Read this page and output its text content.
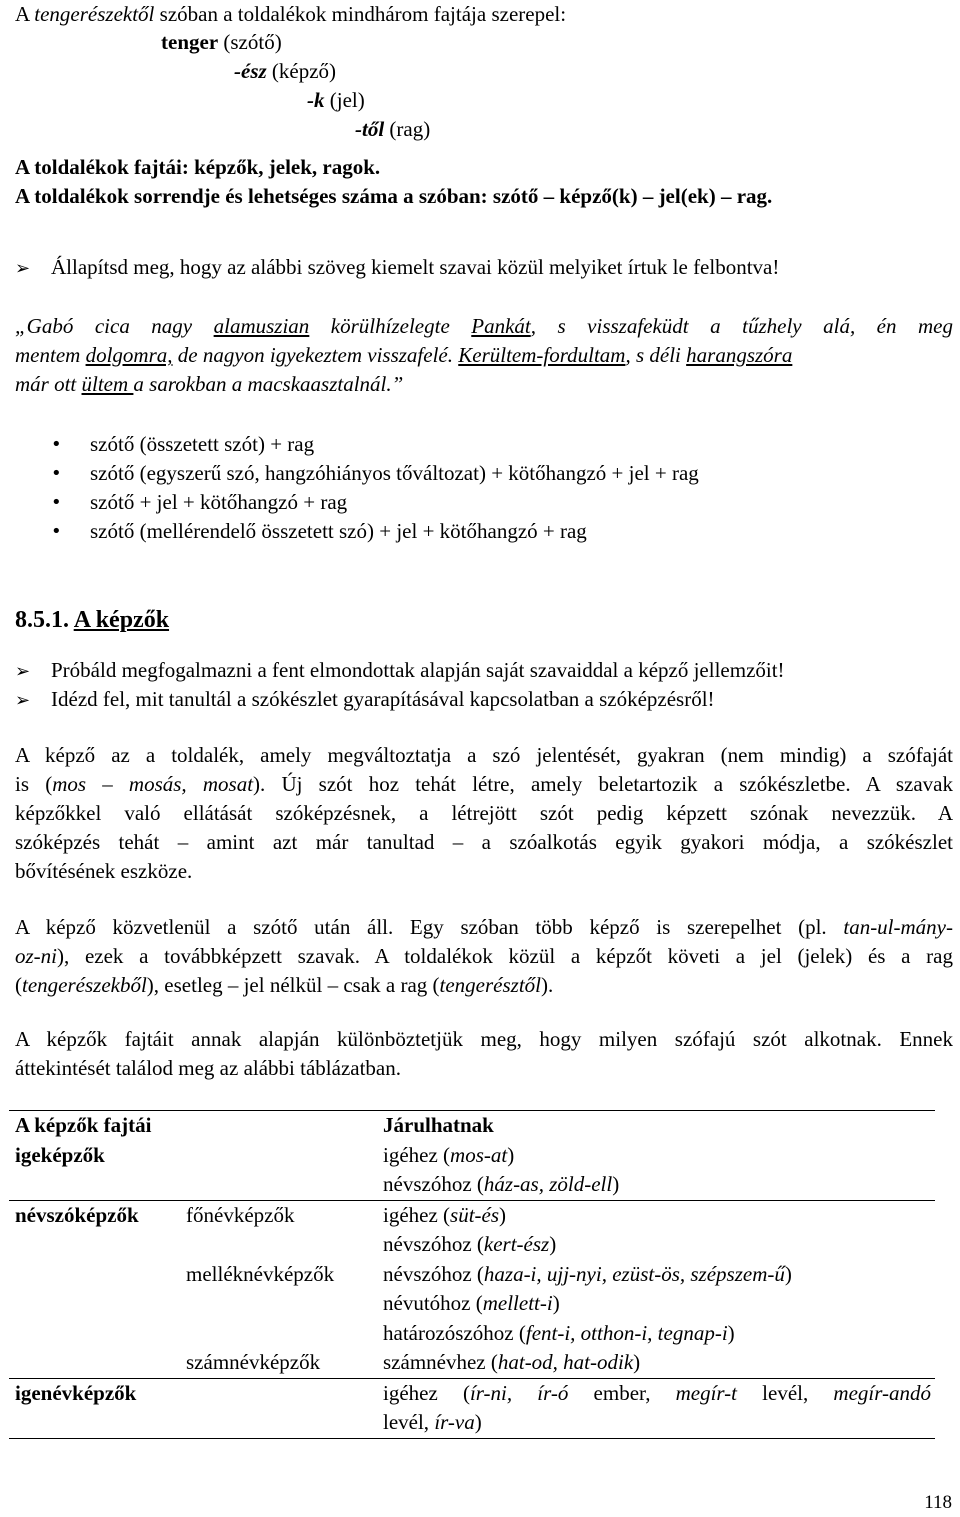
A tengerészektől szóban a toldalékok mindhárom fajtája szerepel:
tenger (szótő)
-ész (képző)
-k (jel)
-től (rag)
A toldalékok fajtái: képzők, jelek, ragok.
A toldalékok sorrendje és lehetséges száma a szóban: szótő – képző(k) – jel(ek) – rag.
➢ Állapítsd meg, hogy az alábbi szöveg kiemelt szavai közül melyiket írtuk le felbontva!
„Gabó cica nagy alamuszian körülhízelegte Pankát, s visszafeküdt a tűzhely alá, én meg
mentem dolgomra, de nagyon igyekeztem visszafelé. Kerültem-fordultam, s déli harangszóra
már ott ültem a sarokban a macskaasztalnál.”
• szótő (összetett szót) + rag
• szótő (egyszerű szó, hangzóhiányos tőváltozat) + kötőhangzó + jel + rag
• szótő + jel + kötőhangzó + rag
• szótő (mellérendelő összetett szó) + jel + kötőhangzó + rag
8.5.1. A képzők
➢ Próbáld megfogalmazni a fent elmondottak alapján saját szavaiddal a képző jellemzőit!
➢ Idézd fel, mit tanultál a szókészlet gyarapításával kapcsolatban a szóképzésről!
A képző az a toldalék, amely megváltoztatja a szó jelentését, gyakran (nem mindig) a szófaját
is (mos – mosás, mosat). Új szót hoz tehát létre, amely beletartozik a szókészletbe. A szavak
képzőkkel való ellátását szóképzésnek, a létrejött szót pedig képzett szónak nevezzük. A
szóképzés tehát – amint azt már tanultad – a szóalkotás egyik gyakori módja, a szókészlet
bővítésének eszköze.
A képző közvetlenül a szótő után áll. Egy szóban több képző is szerepelhet (pl. tan-ul-mány-
oz-ni), ezek a továbbképzett szavak. A toldalékok közül a képzőt követi a jel (jelek) és a rag
(tengerészekből), esetleg – jel nélkül – csak a rag (tengerésztől).
A képzők fajtáit annak alapján különböztetjük meg, hogy milyen szófajú szót alkotnak. Ennek
áttekintését találod meg az alábbi táblázatban.
A képzők fajtái		Járulhatnak
igeképzők		igéhez (mos-at)
		névszóhoz (ház-as, zöld-ell)
névszóképzők	főnévképzők	igéhez (süt-és)
		névszóhoz (kert-ész)
	melléknévképzők	névszóhoz (haza-i, ujj-nyi, ezüst-ös, szépszem-ű)
		névutóhoz (mellett-i)
		határozószóhoz (fent-i, otthon-i, tegnap-i)
	számnévképzők	számnévhez (hat-od, hat-odik)
igenévképzők		igéhez (ír-ni, ír-ó ember, megír-t levél, megír-andó
levél, ír-va)
118
